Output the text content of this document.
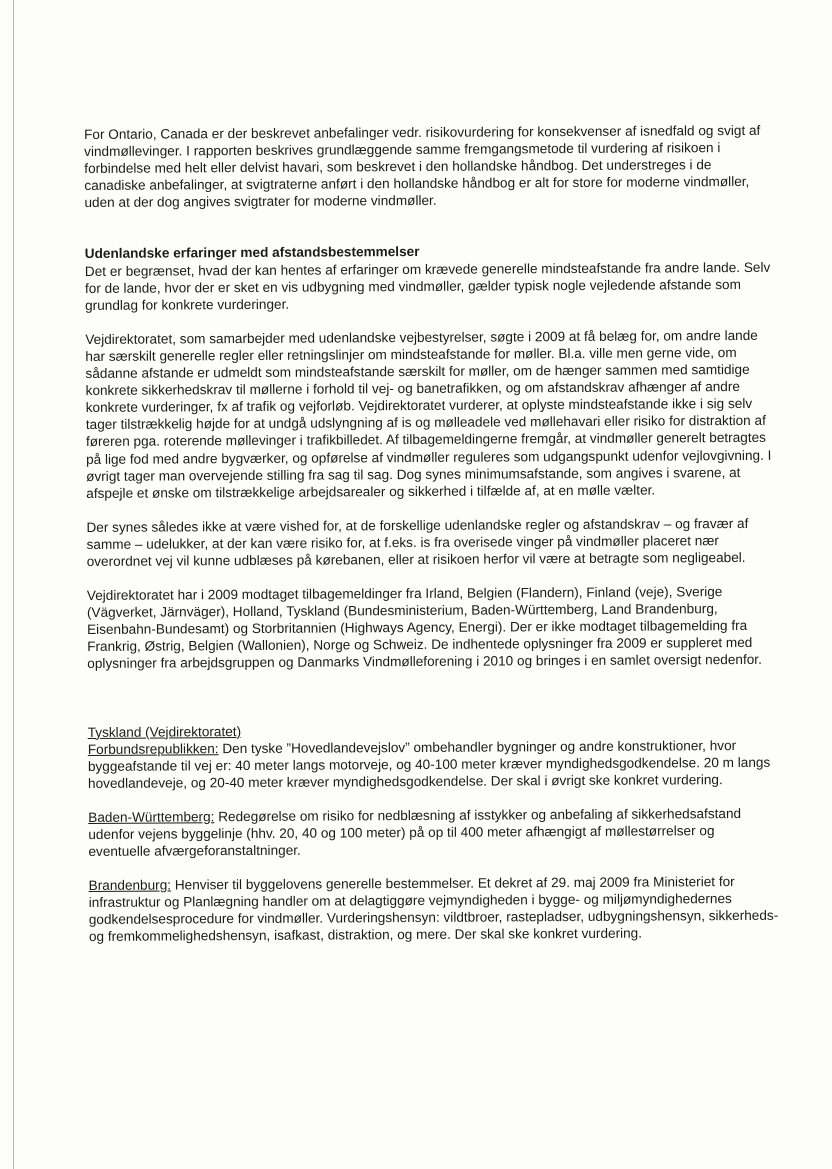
For Ontario, Canada er der beskrevet anbefalinger vedr. risikovurdering for konsekvenser af isnedfald og svigt af vindmøllevinger. I rapporten beskrives grundlæggende samme fremgangsmetode til vurdering af risikoen i forbindelse med helt eller delvist havari, som beskrevet i den hollandske håndbog. Det understreges i de canadiske anbefalinger, at svigtraterne anført i den hollandske håndbog er alt for store for moderne vindmøller, uden at der dog angives svigtrater for moderne vindmøller.

Udenlandske erfaringer med afstandsbestemmelser

Det er begrænset, hvad der kan hentes af erfaringer om krævede generelle mindsteafstande fra andre lande. Selv for de lande, hvor der er sket en vis udbygning med vindmøller, gælder typisk nogle vejledende afstande som grundlag for konkrete vurderinger.

Vejdirektoratet, som samarbejder med udenlandske vejbestyrelser, søgte i 2009 at få belæg for, om andre lande har særskilt generelle regler eller retningslinjer om mindsteafstande for møller. Bl.a. ville men gerne vide, om sådanne afstande er udmeldt som mindsteafstande særskilt for møller, om de hænger sammen med samtidige konkrete sikkerhedskrav til møllerne i forhold til vej- og banetrafikken, og om afstandskrav afhænger af andre konkrete vurderinger, fx af trafik og vejforløb. Vejdirektoratet vurderer, at oplyste mindsteafstande ikke i sig selv tager tilstrækkelig højde for at undgå udslyngning af is og mølleadele ved møllehavari eller risiko for distraktion af føreren pga. roterende møllevinger i trafikbilledet. Af tilbagemeldingerne fremgår, at vindmøller generelt betragtes på lige fod med andre bygværker, og opførelse af vindmøller reguleres som udgangspunkt udenfor vejlovgivning. I øvrigt tager man overvejende stilling fra sag til sag. Dog synes minimumsafstande, som angives i svarene, at afspejle et ønske om tilstrækkelige arbejdsarealer og sikkerhed i tilfælde af, at en mølle vælter.

Der synes således ikke at være vished for, at de forskellige udenlandske regler og afstandskrav – og fravær af samme – udelukker, at der kan være risiko for, at f.eks. is fra overisede vinger på vindmøller placeret nær overordnet vej vil kunne udblæses på kørebanen, eller at risikoen herfor vil være at betragte som negligeabel.

Vejdirektoratet har i 2009 modtaget tilbagemeldinger fra Irland, Belgien (Flandern), Finland (veje), Sverige (Vägverket, Järnväger), Holland, Tyskland (Bundesministerium, Baden-Württemberg, Land Brandenburg, Eisenbahn-Bundesamt) og Storbritannien (Highways Agency, Energi). Der er ikke modtaget tilbagemelding fra Frankrig, Østrig, Belgien (Wallonien), Norge og Schweiz. De indhentede oplysninger fra 2009 er suppleret med oplysninger fra arbejdsgruppen og Danmarks Vindmølleforening i 2010 og bringes i en samlet oversigt nedenfor.

Tyskland (Vejdirektoratet)

Forbundsrepublikken: Den tyske ”Hovedlandevejslov” ombehandler bygninger og andre konstruktioner, hvor byggeafstande til vej er: 40 meter langs motorveje, og 40-100 meter kræver myndighedsgodkendelse. 20 m langs hovedlandeveje, og 20-40 meter kræver myndighedsgodkendelse. Der skal i øvrigt ske konkret vurdering.

Baden-Württemberg: Redegørelse om risiko for nedblæsning af isstykker og anbefaling af sikkerhedsafstand udenfor vejens byggelinje (hhv. 20, 40 og 100 meter) på op til 400 meter afhængigt af møllestørrelser og eventuelle afværgeforanstaltninger.

Brandenburg: Henviser til byggelovens generelle bestemmelser. Et dekret af 29. maj 2009 fra Ministeriet for infrastruktur og Planlægning handler om at delagtiggøre vejmyndigheden i bygge- og miljømyndighedernes godkendelsesprocedure for vindmøller. Vurderingshensyn: vildtbroer, rastepladser, udbygningshensyn, sikkerheds- og fremkommelighedshensyn, isafkast, distraktion, og mere. Der skal ske konkret vurdering.
